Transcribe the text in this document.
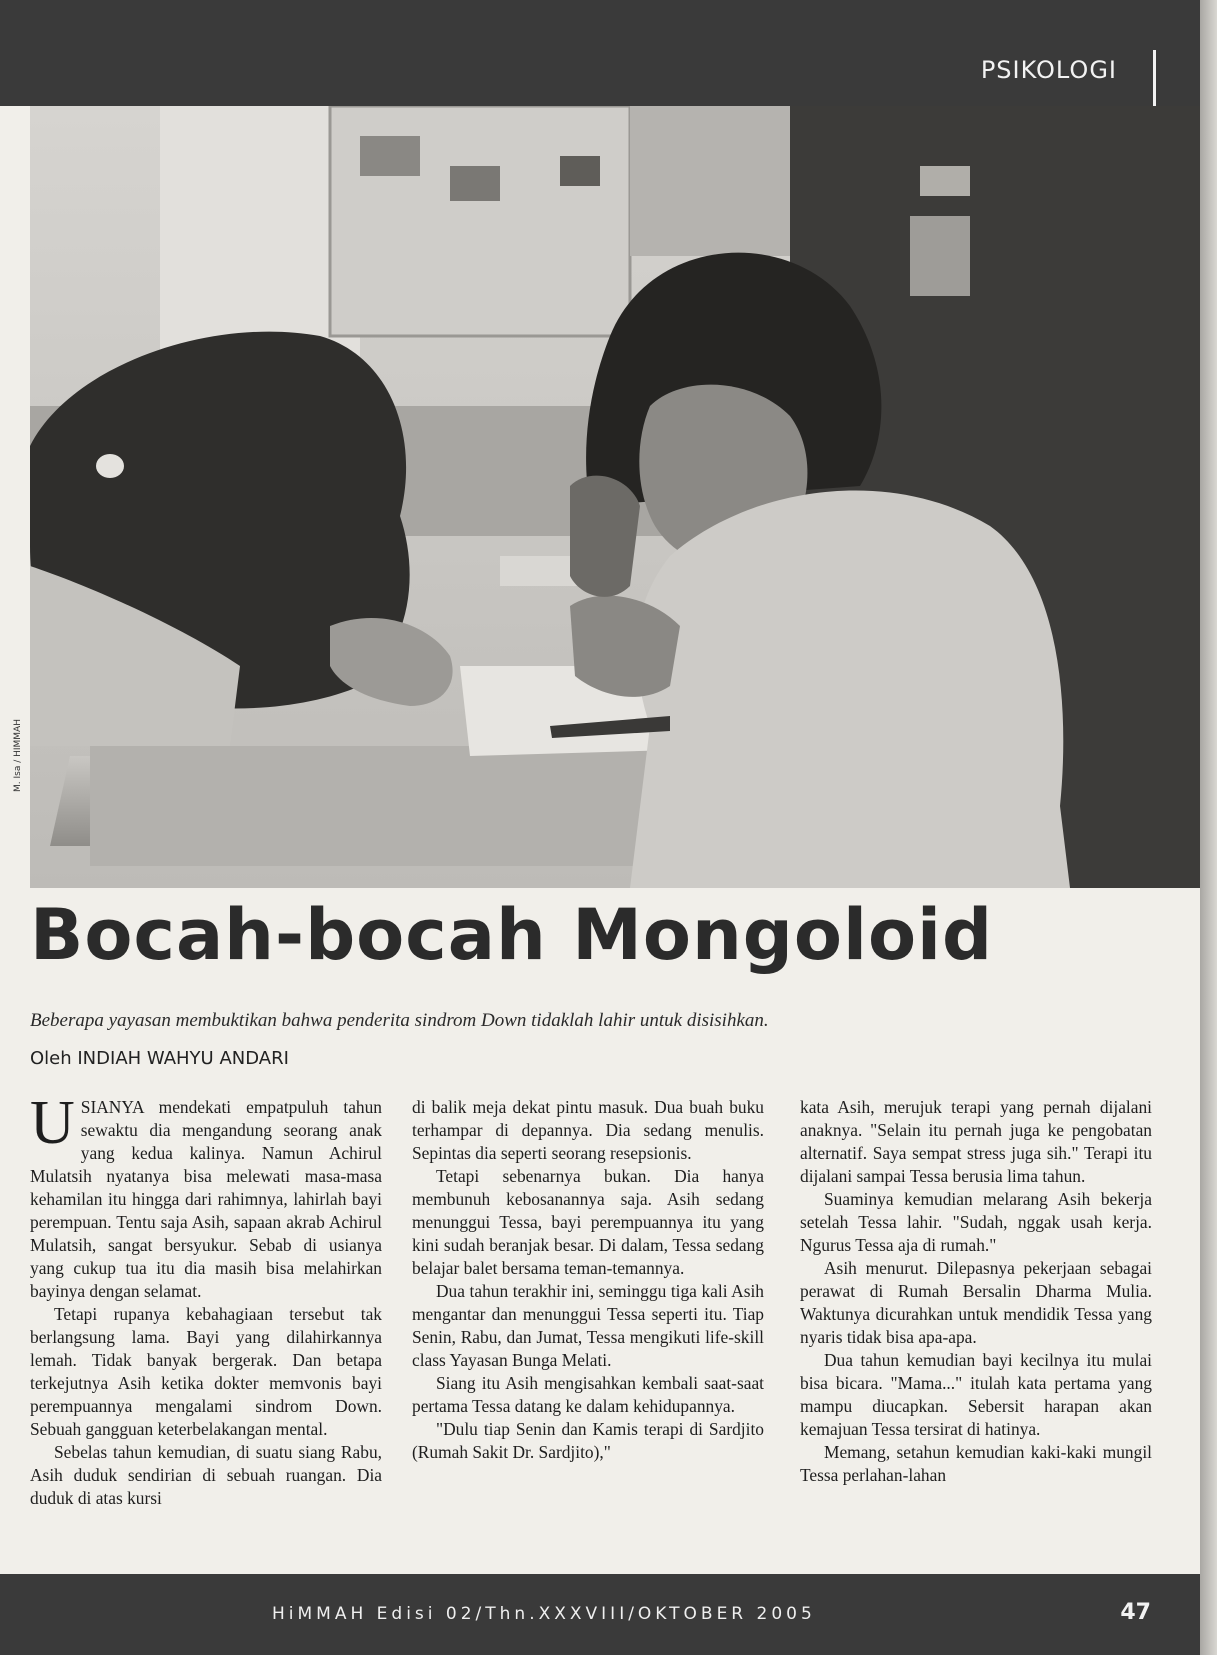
PSIKOLOGI
M. Isa / HIMMAH
Bocah-bocah Mongoloid
Beberapa yayasan membuktikan bahwa penderita sindrom Down tidaklah lahir untuk disisihkan.
Oleh INDIAH WAHYU ANDARI

USIANYA mendekati empatpuluh tahun sewaktu dia mengandung seorang anak yang kedua kalinya. Namun Achirul Mulatsih nyatanya bisa melewati masa-masa kehamilan itu hingga dari rahimnya, lahirlah bayi perempuan. Tentu saja Asih, sapaan akrab Achirul Mulatsih, sangat bersyukur. Sebab di usianya yang cukup tua itu dia masih bisa melahirkan bayinya dengan selamat.

Tetapi rupanya kebahagiaan tersebut tak berlangsung lama. Bayi yang dilahirkannya lemah. Tidak banyak bergerak. Dan betapa terkejutnya Asih ketika dokter memvonis bayi perempuannya mengalami sindrom Down. Sebuah gangguan keterbelakangan mental.

Sebelas tahun kemudian, di suatu siang Rabu, Asih duduk sendirian di sebuah ruangan. Dia duduk di atas kursi

di balik meja dekat pintu masuk. Dua buah buku terhampar di depannya. Dia sedang menulis. Sepintas dia seperti seorang resepsionis.

Tetapi sebenarnya bukan. Dia hanya membunuh kebosanannya saja. Asih sedang menunggui Tessa, bayi perempuannya itu yang kini sudah beranjak besar. Di dalam, Tessa sedang belajar balet bersama teman-temannya.

Dua tahun terakhir ini, seminggu tiga kali Asih mengantar dan menunggui Tessa seperti itu. Tiap Senin, Rabu, dan Jumat, Tessa mengikuti life-skill class Yayasan Bunga Melati.

Siang itu Asih mengisahkan kembali saat-saat pertama Tessa datang ke dalam kehidupannya.

"Dulu tiap Senin dan Kamis terapi di Sardjito (Rumah Sakit Dr. Sardjito),"

kata Asih, merujuk terapi yang pernah dijalani anaknya. "Selain itu pernah juga ke pengobatan alternatif. Saya sempat stress juga sih." Terapi itu dijalani sampai Tessa berusia lima tahun.

Suaminya kemudian melarang Asih bekerja setelah Tessa lahir. "Sudah, nggak usah kerja. Ngurus Tessa aja di rumah."

Asih menurut. Dilepasnya pekerjaan sebagai perawat di Rumah Bersalin Dharma Mulia. Waktunya dicurahkan untuk mendidik Tessa yang nyaris tidak bisa apa-apa.

Dua tahun kemudian bayi kecilnya itu mulai bisa bicara. "Mama..." itulah kata pertama yang mampu diucapkan. Sebersit harapan akan kemajuan Tessa tersirat di hatinya.

Memang, setahun kemudian kaki-kaki mungil Tessa perlahan-lahan

HiMMAH Edisi 02/Thn.XXXVIII/OKTOBER 2005	47
